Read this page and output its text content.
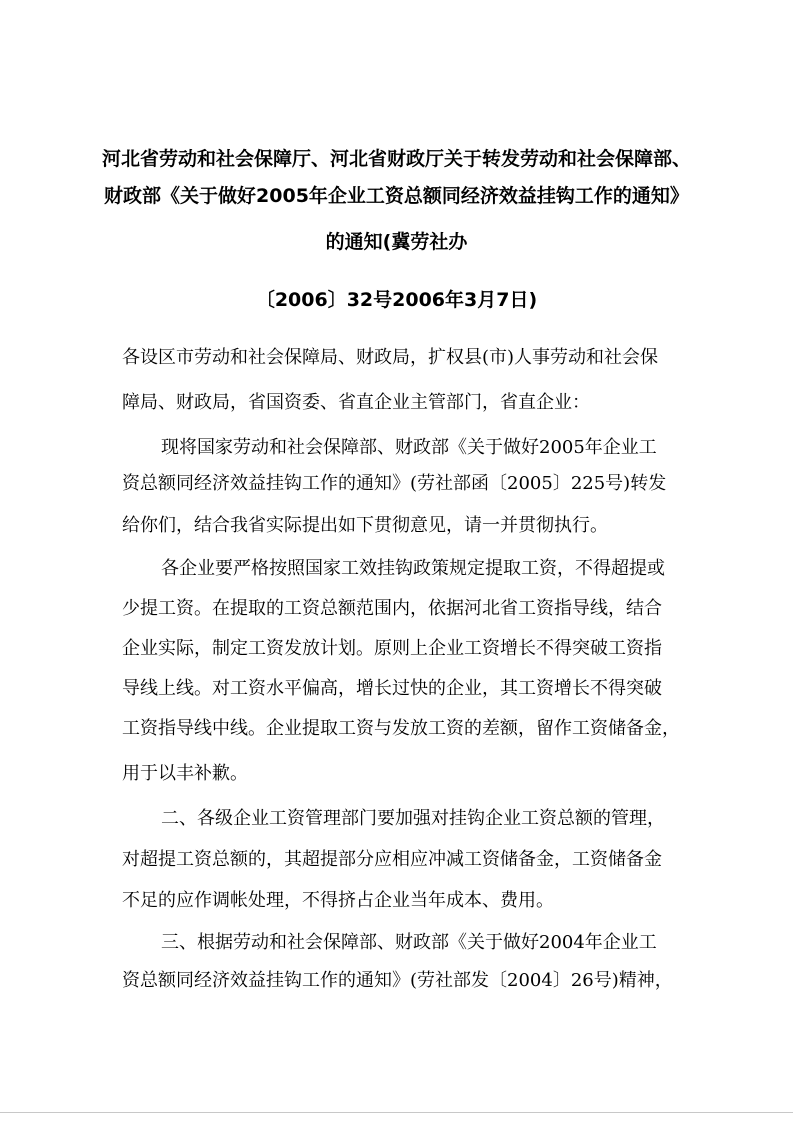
河北省劳动和社会保障厅、河北省财政厅关于转发劳动和社会保障部、
财政部《关于做好2005年企业工资总额同经济效益挂钩工作的通知》
的通知(冀劳社办
〔2006〕32号2006年3月7日)
各设区市劳动和社会保障局、财政局，扩权县(市)人事劳动和社会保
障局、财政局，省国资委、省直企业主管部门，省直企业：
现将国家劳动和社会保障部、财政部《关于做好2005年企业工
资总额同经济效益挂钩工作的通知》(劳社部函〔2005〕225号)转发
给你们，结合我省实际提出如下贯彻意见，请一并贯彻执行。
各企业要严格按照国家工效挂钩政策规定提取工资，不得超提或
少提工资。在提取的工资总额范围内，依据河北省工资指导线，结合
企业实际，制定工资发放计划。原则上企业工资增长不得突破工资指
导线上线。对工资水平偏高，增长过快的企业，其工资增长不得突破
工资指导线中线。企业提取工资与发放工资的差额，留作工资储备金，
用于以丰补歉。
二、各级企业工资管理部门要加强对挂钩企业工资总额的管理，
对超提工资总额的，其超提部分应相应冲减工资储备金，工资储备金
不足的应作调帐处理，不得挤占企业当年成本、费用。
三、根据劳动和社会保障部、财政部《关于做好2004年企业工
资总额同经济效益挂钩工作的通知》(劳社部发〔2004〕26号)精神，
